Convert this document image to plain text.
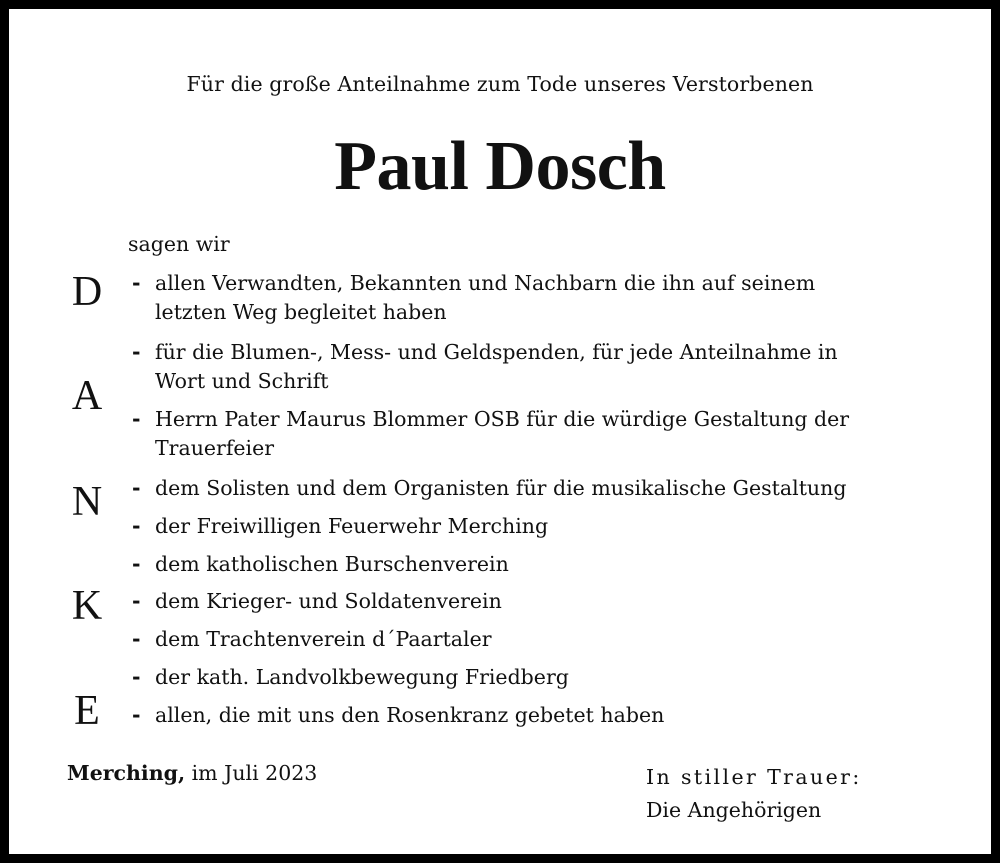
Für die große Anteilnahme zum Tode unseres Verstorbenen
Paul Dosch
sagen wir
D
A
N
K
E
- allen Verwandten, Bekannten und Nachbarn die ihn auf seinem
letzten Weg begleitet haben
- für die Blumen-, Mess- und Geldspenden, für jede Anteilnahme in
Wort und Schrift
- Herrn Pater Maurus Blommer OSB für die würdige Gestaltung der
Trauerfeier
- dem Solisten und dem Organisten für die musikalische Gestaltung
- der Freiwilligen Feuerwehr Merching
- dem katholischen Burschenverein
- dem Krieger- und Soldatenverein
- dem Trachtenverein d´Paartaler
- der kath. Landvolkbewegung Friedberg
- allen, die mit uns den Rosenkranz gebetet haben
Merching, im Juli 2023	In stiller Trauer:
Die Angehörigen
